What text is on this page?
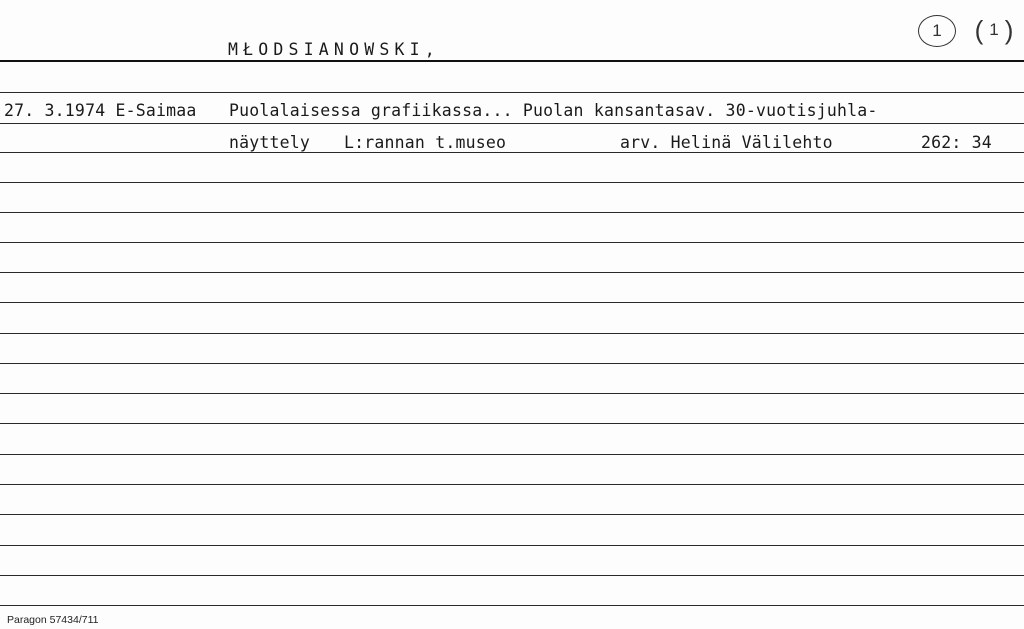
1 ( 1 )
MŁODSIANOWSKI,
27. 3.1974 E-Saimaa Puolalaisessa grafiikassa... Puolan kansantasav. 30-vuotisjuhla-
näyttely L:rannan t.museo	arv. Helinä Välilehto	262: 34
Paragon 57434/711
